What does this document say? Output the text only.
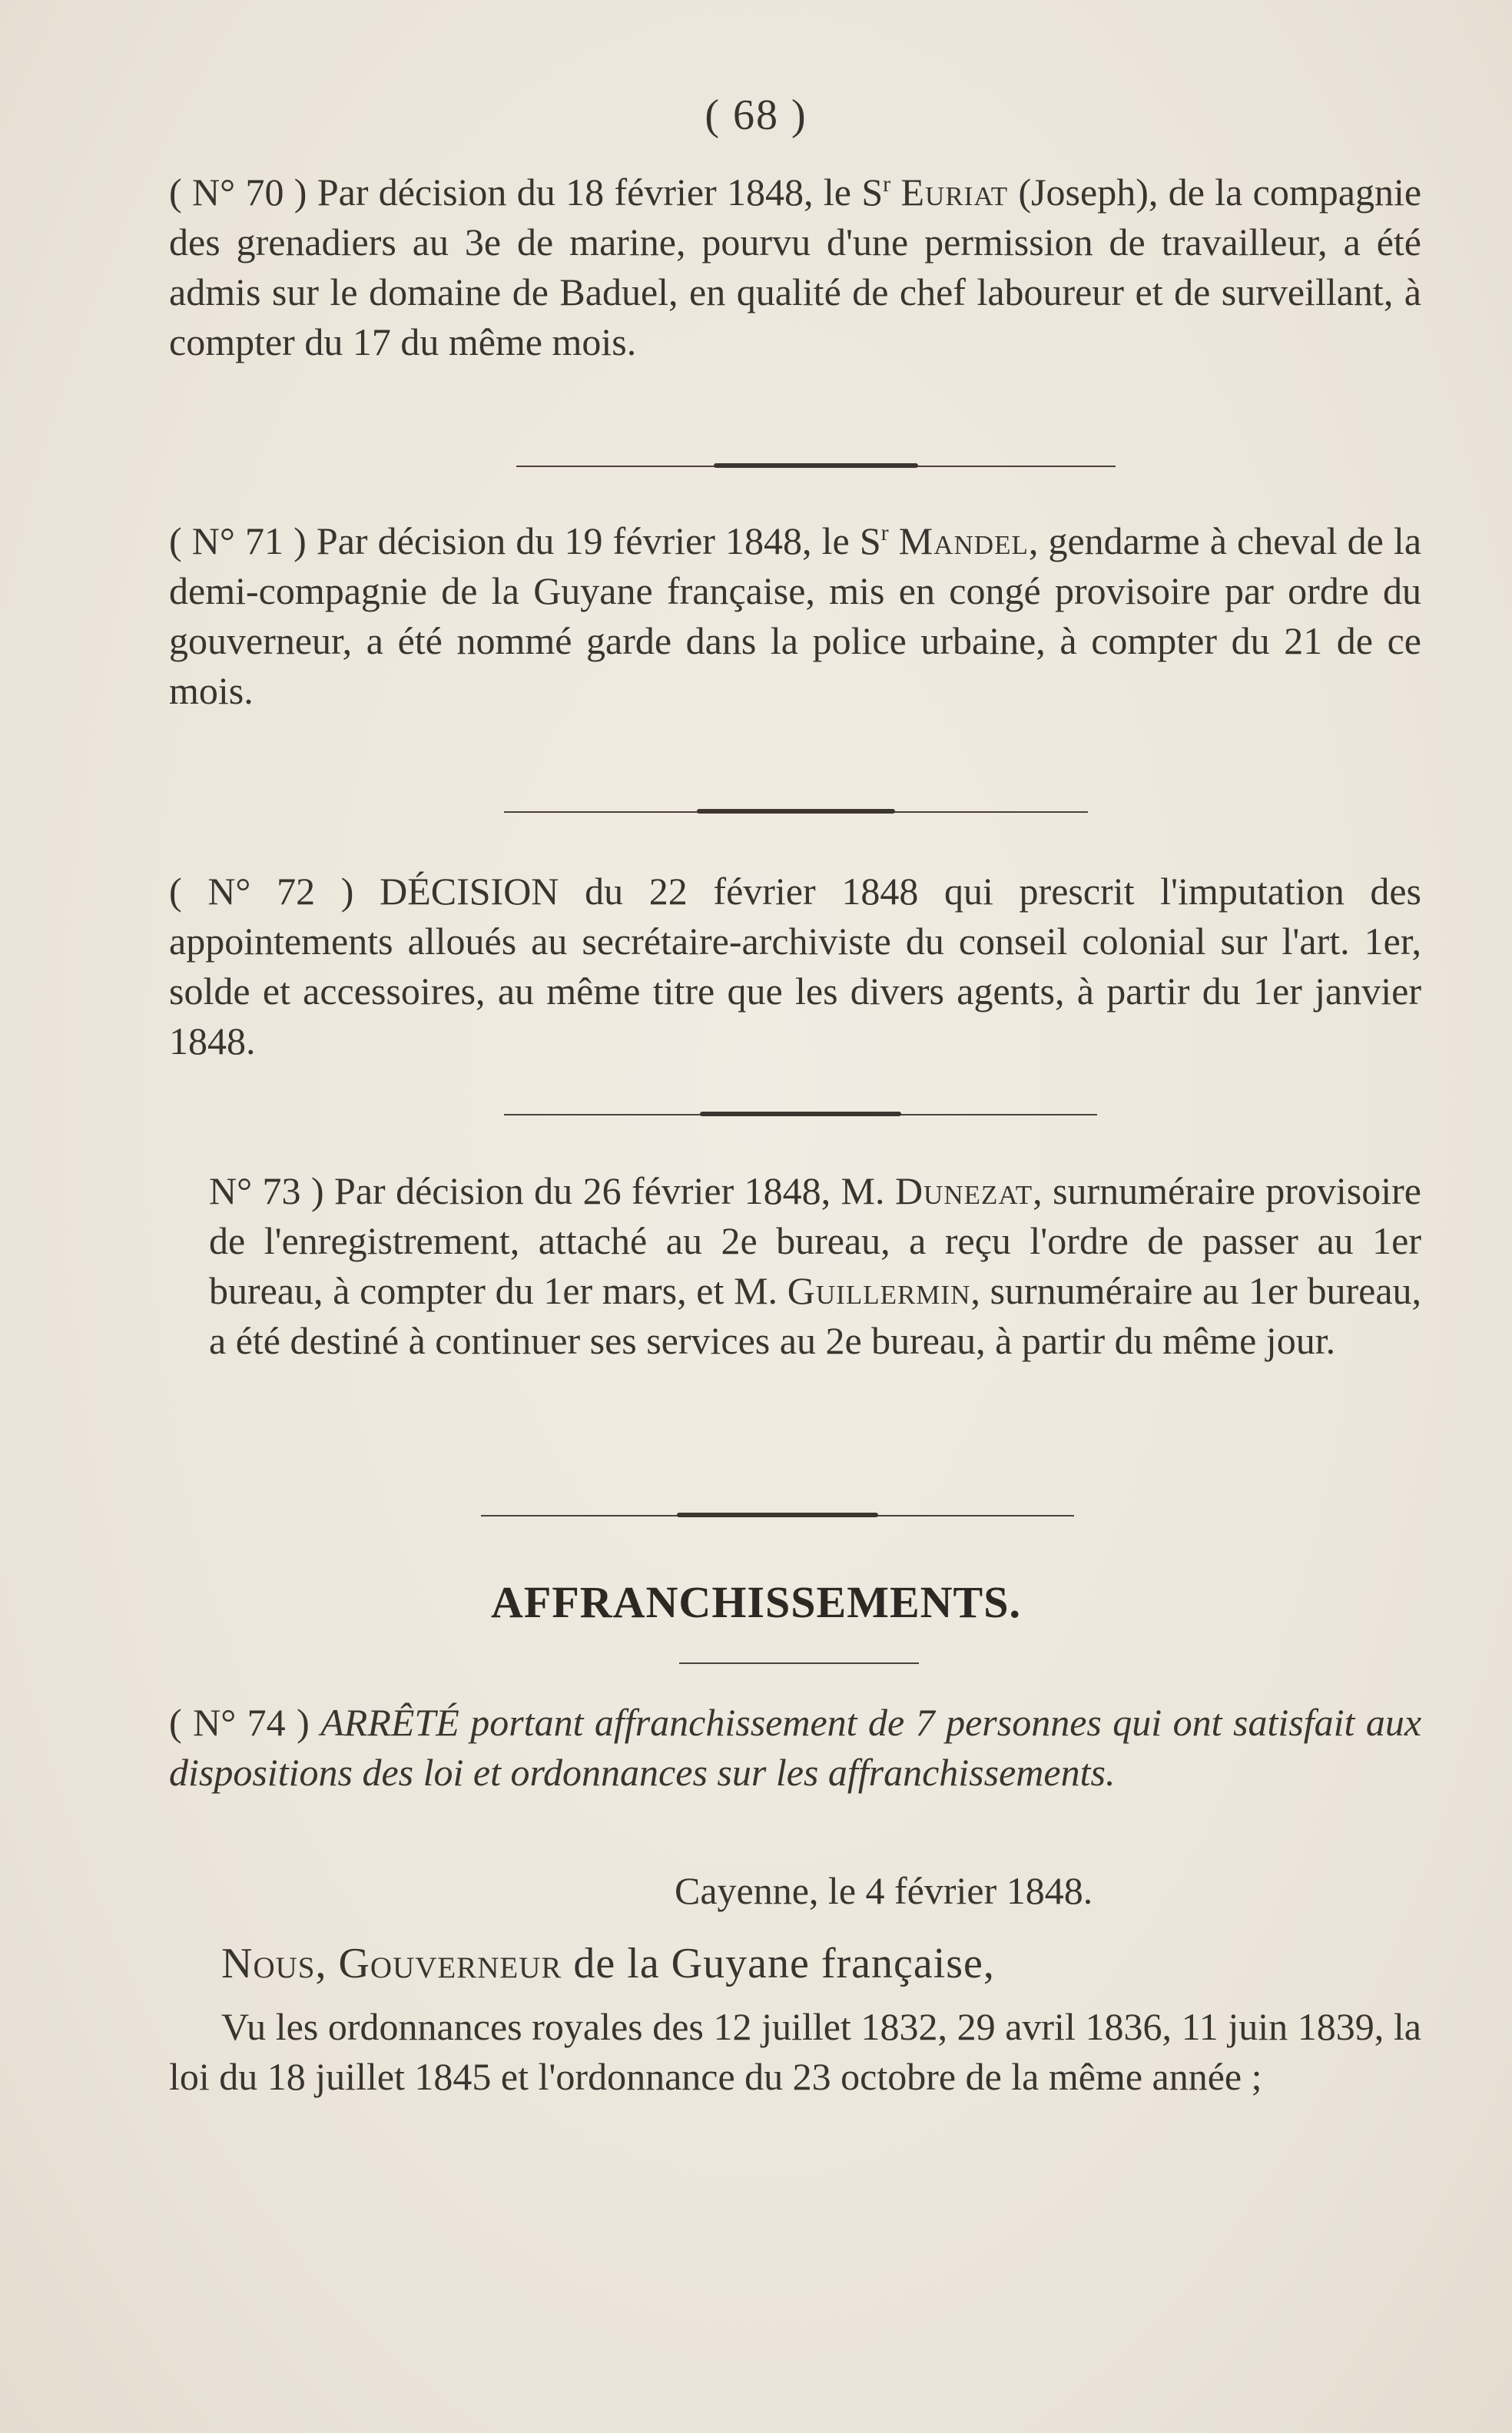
( 68 )
( N° 70 ) Par décision du 18 février 1848, le $S^r$ Euriat (Joseph), de la compagnie des grenadiers au 3e de marine, pourvu d'une permission de travailleur, a été admis sur le domaine de Baduel, en qualité de chef laboureur et de surveillant, à compter du 17 du même mois.
( N° 71 ) Par décision du 19 février 1848, le $S^r$ Mandel, gendarme à cheval de la demi-compagnie de la Guyane française, mis en congé provisoire par ordre du gouverneur, a été nommé garde dans la police urbaine, à compter du 21 de ce mois.
( N° 72 ) DÉCISION du 22 février 1848 qui prescrit l'imputation des appointements alloués au secrétaire-archiviste du conseil colonial sur l'art. 1er, solde et accessoires, au même titre que les divers agents, à partir du 1er janvier 1848.
N° 73 ) Par décision du 26 février 1848, M. Dunezat, surnuméraire provisoire de l'enregistrement, attaché au 2e bureau, a reçu l'ordre de passer au 1er bureau, à compter du 1er mars, et M. Guillermin, surnuméraire au 1er bureau, a été destiné à continuer ses services au 2e bureau, à partir du même jour.
AFFRANCHISSEMENTS.
( N° 74 ) ARRÊTÉ portant affranchissement de 7 personnes qui ont satisfait aux dispositions des loi et ordonnances sur les affranchissements.
Cayenne, le 4 février 1848.
Nous, Gouverneur de la Guyane française,
Vu les ordonnances royales des 12 juillet 1832, 29 avril 1836, 11 juin 1839, la loi du 18 juillet 1845 et l'ordonnance du 23 octobre de la même année ;
